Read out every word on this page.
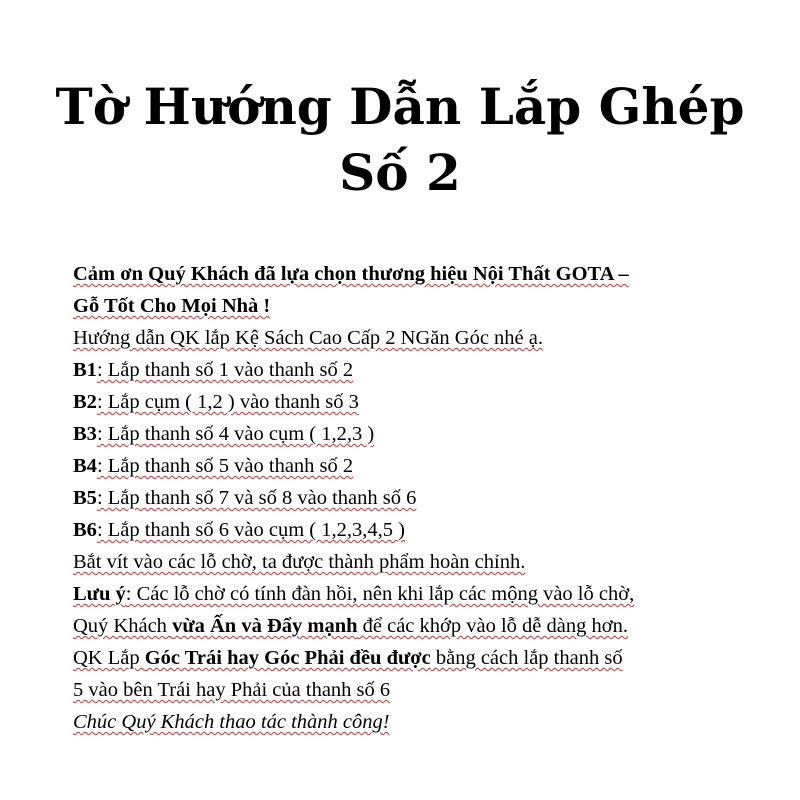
Tờ Hướng Dẫn Lắp Ghép
Số 2
Cảm ơn Quý Khách đã lựa chọn thương hiệu Nội Thất GOTA –
Gỗ Tốt Cho Mọi Nhà !
Hướng dẫn QK lắp Kệ Sách Cao Cấp 2 NGăn Góc nhé ạ.
B1: Lắp thanh số 1 vào thanh số 2
B2: Lắp cụm ( 1,2 ) vào thanh số 3
B3: Lắp thanh số 4 vào cụm ( 1,2,3 )
B4: Lắp thanh số 5 vào thanh số 2
B5: Lắp thanh số 7 và số 8 vào thanh số 6
B6: Lắp thanh số 6 vào cụm ( 1,2,3,4,5 )
Bắt vít vào các lỗ chờ, ta được thành phẩm hoàn chỉnh.
Lưu ý: Các lỗ chờ có tính đàn hồi, nên khi lắp các mộng vào lỗ chờ,
Quý Khách vừa Ấn và Đẩy mạnh để các khớp vào lỗ dễ dàng hơn.
QK Lắp Góc Trái hay Góc Phải đều được bằng cách lắp thanh số
5 vào bên Trái hay Phải của thanh số 6
Chúc Quý Khách thao tác thành công!
